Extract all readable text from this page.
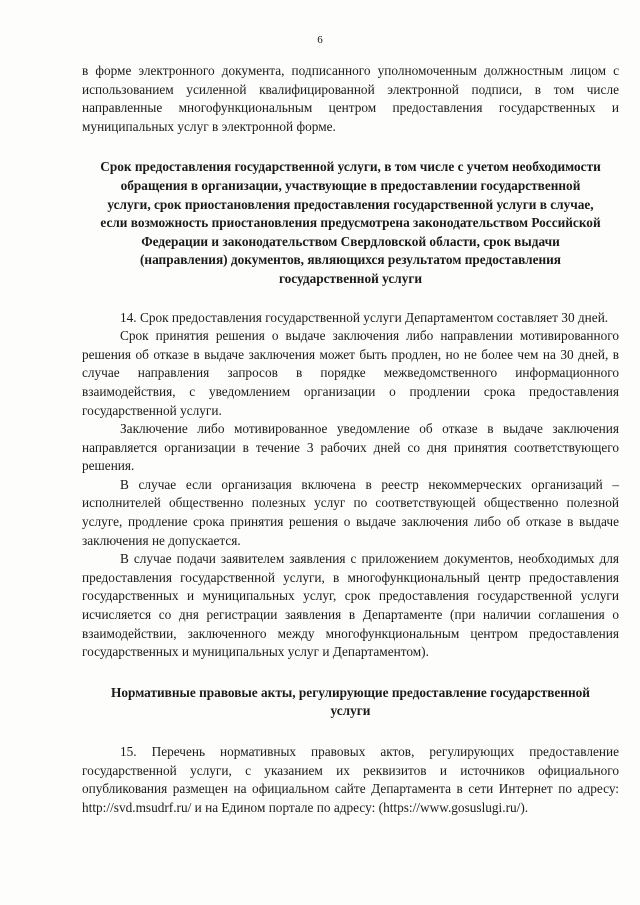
6

в форме электронного документа, подписанного уполномоченным должностным лицом с использованием усиленной квалифицированной электронной подписи, в том числе направленные многофункциональным центром предоставления государственных и муниципальных услуг в электронной форме.

Срок предоставления государственной услуги, в том числе с учетом необходимости обращения в организации, участвующие в предоставлении государственной услуги, срок приостановления предоставления государственной услуги в случае, если возможность приостановления предусмотрена законодательством Российской Федерации и законодательством Свердловской области, срок выдачи (направления) документов, являющихся результатом предоставления государственной услуги

14. Срок предоставления государственной услуги Департаментом составляет 30 дней.

Срок принятия решения о выдаче заключения либо направлении мотивированного решения об отказе в выдаче заключения может быть продлен, но не более чем на 30 дней, в случае направления запросов в порядке межведомственного информационного взаимодействия, с уведомлением организации о продлении срока предоставления государственной услуги.

Заключение либо мотивированное уведомление об отказе в выдаче заключения направляется организации в течение 3 рабочих дней со дня принятия соответствующего решения.

В случае если организация включена в реестр некоммерческих организаций – исполнителей общественно полезных услуг по соответствующей общественно полезной услуге, продление срока принятия решения о выдаче заключения либо об отказе в выдаче заключения не допускается.

В случае подачи заявителем заявления с приложением документов, необходимых для предоставления государственной услуги, в многофункциональный центр предоставления государственных и муниципальных услуг, срок предоставления государственной услуги исчисляется со дня регистрации заявления в Департаменте (при наличии соглашения о взаимодействии, заключенного между многофункциональным центром предоставления государственных и муниципальных услуг и Департаментом).

Нормативные правовые акты, регулирующие предоставление государственной услуги

15. Перечень нормативных правовых актов, регулирующих предоставление государственной услуги, с указанием их реквизитов и источников официального опубликования размещен на официальном сайте Департамента в сети Интернет по адресу: http://svd.msudrf.ru/ и на Едином портале по адресу: (https://www.gosuslugi.ru/).
